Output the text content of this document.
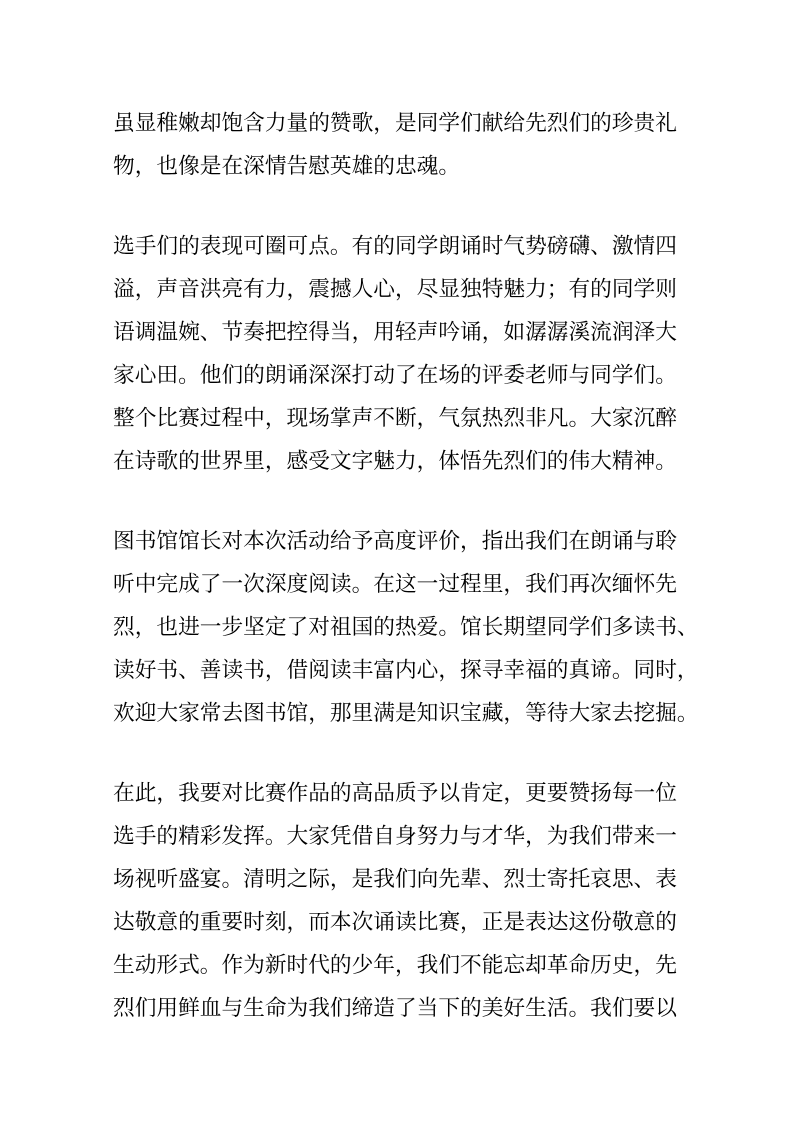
虽显稚嫩却饱含力量的赞歌，是同学们献给先烈们的珍贵礼
物，也像是在深情告慰英雄的忠魂。
选手们的表现可圈可点。有的同学朗诵时气势磅礴、激情四
溢，声音洪亮有力，震撼人心，尽显独特魅力；有的同学则
语调温婉、节奏把控得当，用轻声吟诵，如潺潺溪流润泽大
家心田。他们的朗诵深深打动了在场的评委老师与同学们。
整个比赛过程中，现场掌声不断，气氛热烈非凡。大家沉醉
在诗歌的世界里，感受文字魅力，体悟先烈们的伟大精神。
图书馆馆长对本次活动给予高度评价，指出我们在朗诵与聆
听中完成了一次深度阅读。在这一过程里，我们再次缅怀先
烈，也进一步坚定了对祖国的热爱。馆长期望同学们多读书、
读好书、善读书，借阅读丰富内心，探寻幸福的真谛。同时，
欢迎大家常去图书馆，那里满是知识宝藏，等待大家去挖掘。
在此，我要对比赛作品的高品质予以肯定，更要赞扬每一位
选手的精彩发挥。大家凭借自身努力与才华，为我们带来一
场视听盛宴。清明之际，是我们向先辈、烈士寄托哀思、表
达敬意的重要时刻，而本次诵读比赛，正是表达这份敬意的
生动形式。作为新时代的少年，我们不能忘却革命历史，先
烈们用鲜血与生命为我们缔造了当下的美好生活。我们要以
